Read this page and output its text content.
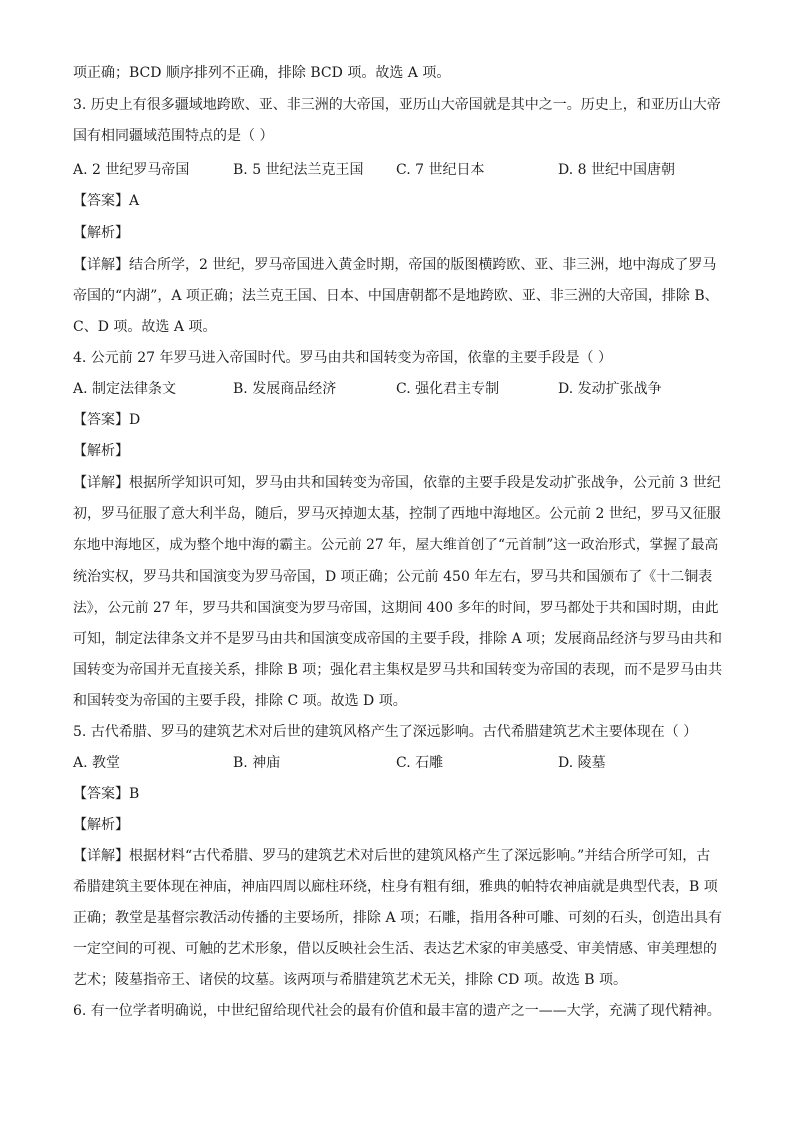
项正确；BCD 顺序排列不正确，排除 BCD 项。故选 A 项。
3. 历史上有很多疆域地跨欧、亚、非三洲的大帝国，亚历山大帝国就是其中之一。历史上，和亚历山大帝
国有相同疆域范围特点的是（ ）
A. 2 世纪罗马帝国	B. 5 世纪法兰克王国 C. 7 世纪日本	D. 8 世纪中国唐朝
【答案】A
【解析】
【详解】结合所学，2 世纪，罗马帝国进入黄金时期，帝国的版图横跨欧、亚、非三洲，地中海成了罗马
帝国的“内湖”，A 项正确；法兰克王国、日本、中国唐朝都不是地跨欧、亚、非三洲的大帝国，排除 B、
C、D 项。故选 A 项。
4. 公元前 27 年罗马进入帝国时代。罗马由共和国转变为帝国，依靠的主要手段是（ ）
A. 制定法律条文	B. 发展商品经济	C. 强化君主专制	D. 发动扩张战争
【答案】D
【解析】
【详解】根据所学知识可知，罗马由共和国转变为帝国，依靠的主要手段是发动扩张战争，公元前 3 世纪
初，罗马征服了意大利半岛，随后，罗马灭掉迦太基，控制了西地中海地区。公元前 2 世纪，罗马又征服
东地中海地区，成为整个地中海的霸主。公元前 27 年，屋大维首创了“元首制”这一政治形式，掌握了最高
统治实权，罗马共和国演变为罗马帝国，D 项正确；公元前 450 年左右，罗马共和国颁布了《十二铜表
法》，公元前 27 年，罗马共和国演变为罗马帝国，这期间 400 多年的时间，罗马都处于共和国时期，由此
可知，制定法律条文并不是罗马由共和国演变成帝国的主要手段，排除 A 项；发展商品经济与罗马由共和
国转变为帝国并无直接关系，排除 B 项；强化君主集权是罗马共和国转变为帝国的表现，而不是罗马由共
和国转变为帝国的主要手段，排除 C 项。故选 D 项。
5. 古代希腊、罗马的建筑艺术对后世的建筑风格产生了深远影响。古代希腊建筑艺术主要体现在（ ）
A. 教堂	B. 神庙	C. 石雕	D. 陵墓
【答案】B
【解析】
【详解】根据材料“古代希腊、罗马的建筑艺术对后世的建筑风格产生了深远影响。”并结合所学可知，古
希腊建筑主要体现在神庙，神庙四周以廊柱环绕，柱身有粗有细，雅典的帕特农神庙就是典型代表，B 项
正确；教堂是基督宗教活动传播的主要场所，排除 A 项；石雕，指用各种可雕、可刻的石头，创造出具有
一定空间的可视、可触的艺术形象，借以反映社会生活、表达艺术家的审美感受、审美情感、审美理想的
艺术；陵墓指帝王、诸侯的坟墓。该两项与希腊建筑艺术无关，排除 CD 项。故选 B 项。
6. 有一位学者明确说，中世纪留给现代社会的最有价值和最丰富的遗产之一——大学，充满了现代精神。
